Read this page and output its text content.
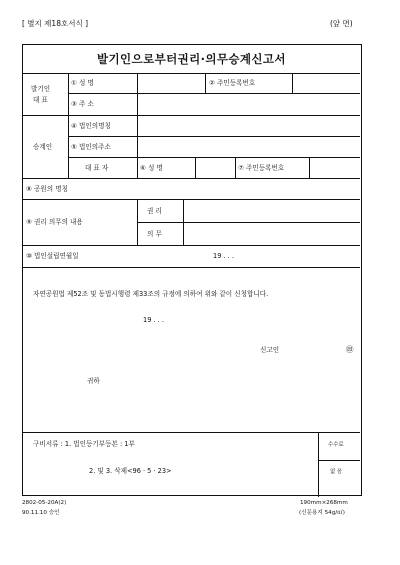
[ 별지 제18호서식 ]	(앞 면)
발기인으로부터권리·의무승계신고서
발기인
대 표
① 성 명	② 주민등록번호
③ 주 소
승계인
④ 법인의명칭
⑤ 법인의주소
대 표 자	⑥ 성 명	⑦ 주민등록번호
⑧ 공원의 명칭
⑨ 권리 의무의 내용
권 리
의 무
⑩ 법인설립연월일	19 . . .
자연공원법 제52조 및 동법시행령 제33조의 규정에 의하여 위와 같이 신청합니다.
19 . . .
신고인	㊞
귀하
구비서류 : 1. 법인등기부등본 : 1부
2. 및 3. 삭제<96 · 5 · 23>
수수료
없 음
2802-05-20A(2)
90.11.10 승인
190mm×268mm
(신문용지 54g/㎡)
